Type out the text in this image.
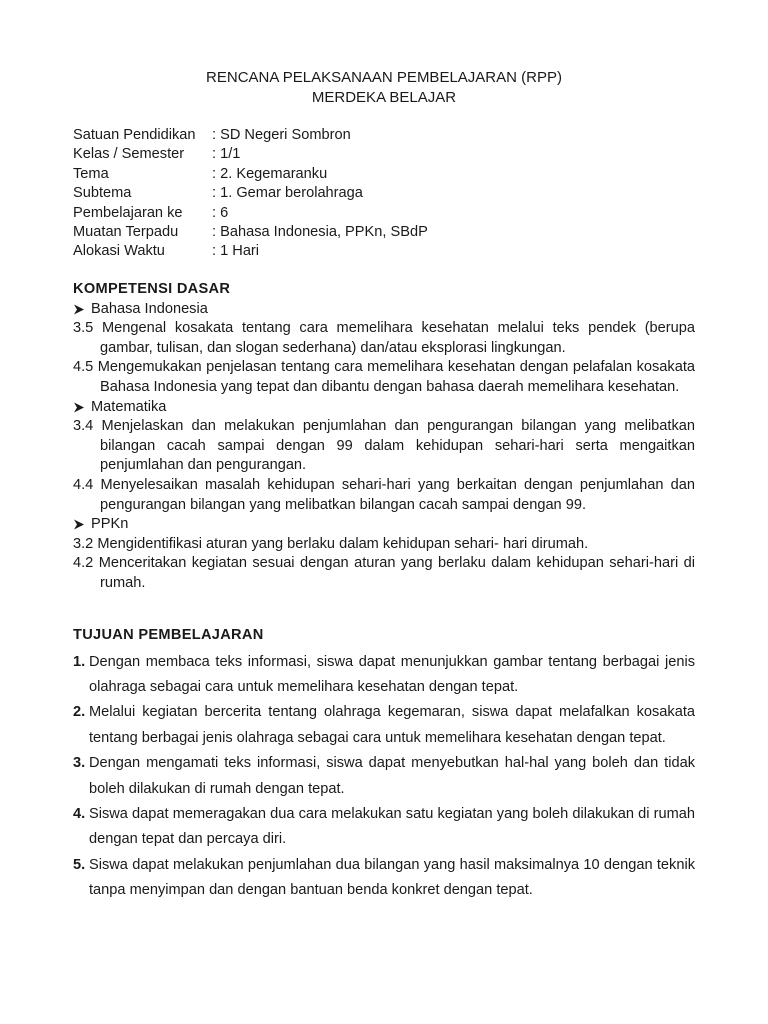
RENCANA PELAKSANAAN PEMBELAJARAN (RPP)
MERDEKA BELAJAR
Satuan Pendidikan	: SD Negeri Sombron
Kelas / Semester	: 1/1
Tema	: 2. Kegemaranku
Subtema	: 1. Gemar berolahraga
Pembelajaran ke	: 6
Muatan Terpadu	: Bahasa Indonesia, PPKn, SBdP
Alokasi Waktu	: 1 Hari
KOMPETENSI DASAR
Bahasa Indonesia
3.5 Mengenal kosakata tentang cara memelihara kesehatan melalui teks pendek (berupa gambar, tulisan, dan slogan sederhana) dan/atau eksplorasi lingkungan.
4.5 Mengemukakan penjelasan tentang cara memelihara kesehatan dengan pelafalan kosakata Bahasa Indonesia yang tepat dan dibantu dengan bahasa daerah memelihara kesehatan.
Matematika
3.4 Menjelaskan dan melakukan penjumlahan dan pengurangan bilangan yang melibatkan bilangan cacah sampai dengan 99 dalam kehidupan sehari-hari serta mengaitkan penjumlahan dan pengurangan.
4.4 Menyelesaikan masalah kehidupan sehari-hari yang berkaitan dengan penjumlahan dan pengurangan bilangan yang melibatkan bilangan cacah sampai dengan 99.
PPKn
3.2 Mengidentifikasi aturan yang berlaku dalam kehidupan sehari- hari dirumah.
4.2 Menceritakan kegiatan sesuai dengan aturan yang berlaku dalam kehidupan sehari-hari di rumah.
TUJUAN PEMBELAJARAN
1. Dengan membaca teks informasi, siswa dapat menunjukkan gambar tentang berbagai jenis olahraga sebagai cara untuk memelihara kesehatan dengan tepat.
2. Melalui kegiatan bercerita tentang olahraga kegemaran, siswa dapat melafalkan kosakata tentang berbagai jenis olahraga sebagai cara untuk memelihara kesehatan dengan tepat.
3. Dengan mengamati teks informasi, siswa dapat menyebutkan hal-hal yang boleh dan tidak boleh dilakukan di rumah dengan tepat.
4. Siswa dapat memeragakan dua cara melakukan satu kegiatan yang boleh dilakukan di rumah dengan tepat dan percaya diri.
5. Siswa dapat melakukan penjumlahan dua bilangan yang hasil maksimalnya 10 dengan teknik tanpa menyimpan dan dengan bantuan benda konkret dengan tepat.
